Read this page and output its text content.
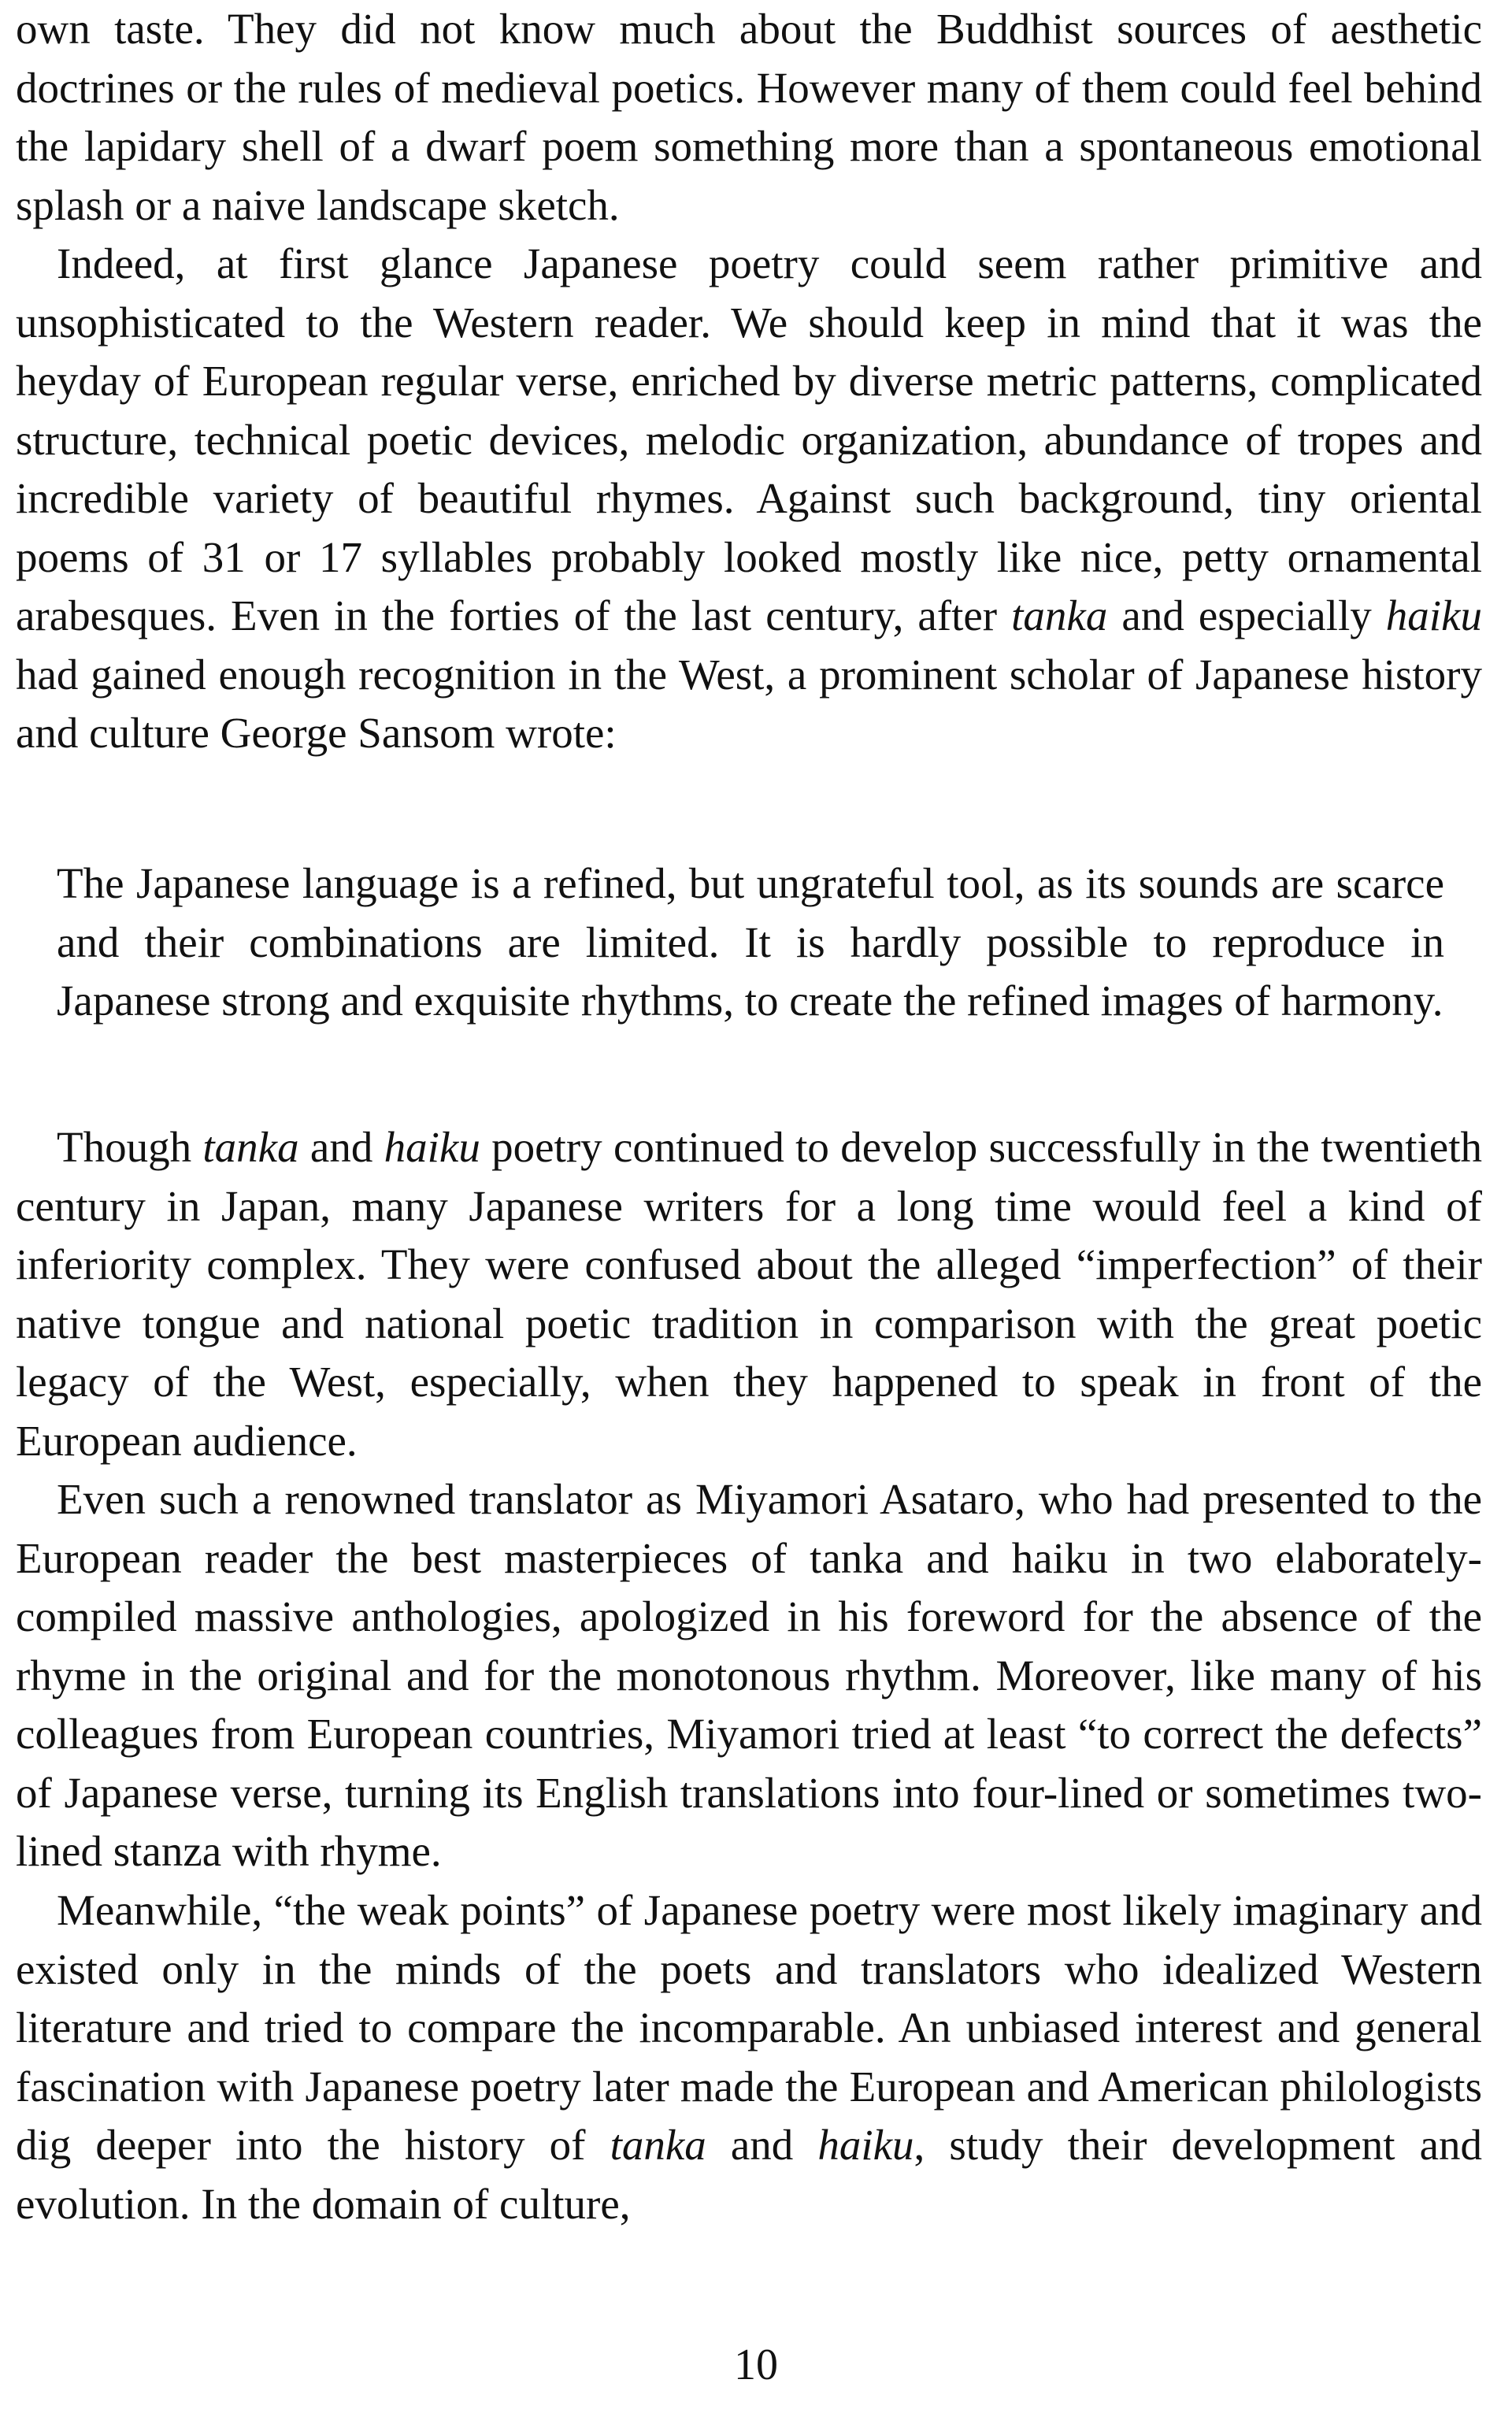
own taste. They did not know much about the Buddhist sources of aesthetic doctrines or the rules of medieval poetics. However many of them could feel behind the lapidary shell of a dwarf poem something more than a spontaneous emotional splash or a naive landscape sketch.

Indeed, at first glance Japanese poetry could seem rather primitive and unsophisticated to the Western reader. We should keep in mind that it was the heyday of European regular verse, enriched by diverse metric patterns, complicated structure, technical poetic devices, melodic organization, abundance of tropes and incredible variety of beautiful rhymes. Against such background, tiny oriental poems of 31 or 17 syllables probably looked mostly like nice, petty ornamental arabesques. Even in the forties of the last century, after tanka and especially haiku had gained enough recognition in the West, a prominent scholar of Japanese history and culture George Sansom wrote:

The Japanese language is a refined, but ungrateful tool, as its sounds are scarce and their combinations are limited. It is hardly possible to reproduce in Japanese strong and exquisite rhythms, to create the refined images of harmony.

Though tanka and haiku poetry continued to develop successfully in the twentieth century in Japan, many Japanese writers for a long time would feel a kind of inferiority complex. They were confused about the alleged “imperfection” of their native tongue and national poetic tradition in comparison with the great poetic legacy of the West, especially, when they happened to speak in front of the European audience.

Even such a renowned translator as Miyamori Asataro, who had presented to the European reader the best masterpieces of tanka and haiku in two elaborately-compiled massive anthologies, apologized in his foreword for the absence of the rhyme in the original and for the monotonous rhythm. Moreover, like many of his colleagues from European countries, Miyamori tried at least “to correct the defects” of Japanese verse, turning its English translations into four-lined or sometimes two-lined stanza with rhyme.

Meanwhile, “the weak points” of Japanese poetry were most likely imaginary and existed only in the minds of the poets and translators who idealized Western literature and tried to compare the incomparable. An unbiased interest and general fascination with Japanese poetry later made the European and American philologists dig deeper into the history of tanka and haiku, study their development and evolution. In the domain of culture,

10
